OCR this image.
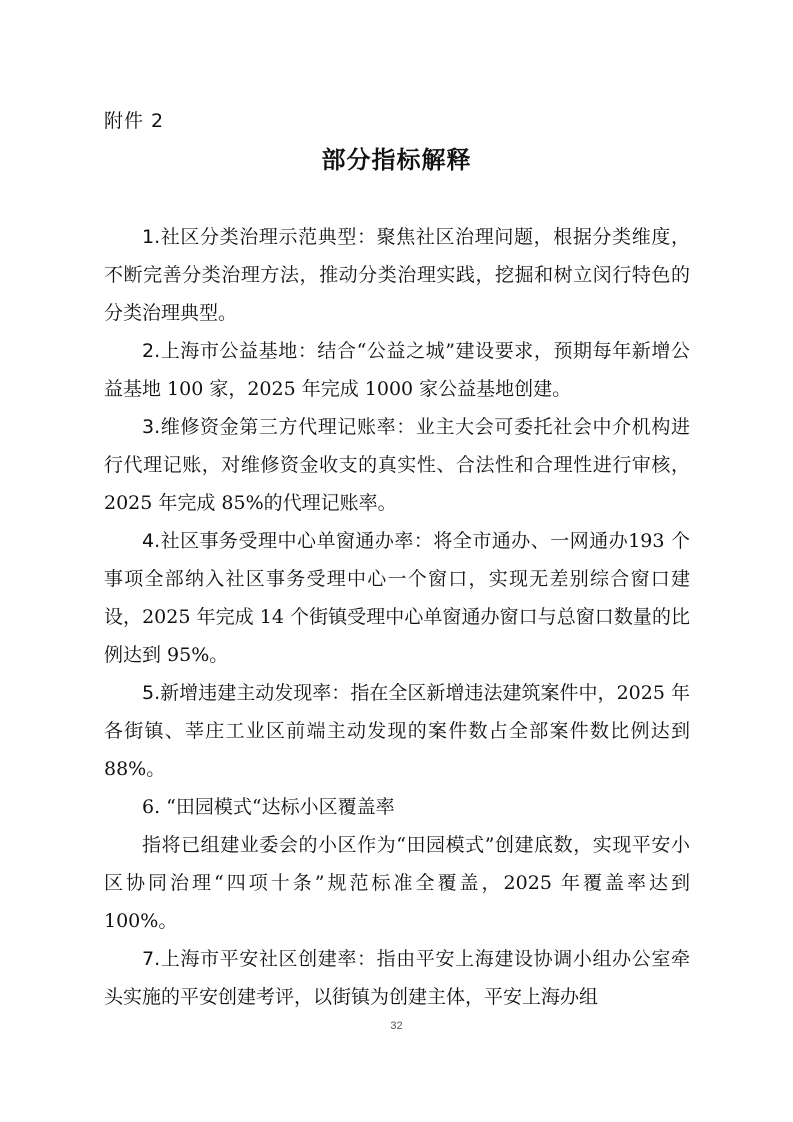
附件 2
部分指标解释

1.社区分类治理示范典型：聚焦社区治理问题，根据分类维度，不断完善分类治理方法，推动分类治理实践，挖掘和树立闵行特色的分类治理典型。

2.上海市公益基地：结合“公益之城”建设要求，预期每年新增公益基地 100 家，2025 年完成 1000 家公益基地创建。

3.维修资金第三方代理记账率：业主大会可委托社会中介机构进行代理记账，对维修资金收支的真实性、合法性和合理性进行审核，2025 年完成 85%的代理记账率。

4.社区事务受理中心单窗通办率：将全市通办、一网通办193 个事项全部纳入社区事务受理中心一个窗口，实现无差别综合窗口建设，2025 年完成 14 个街镇受理中心单窗通办窗口与总窗口数量的比例达到 95%。

5.新增违建主动发现率：指在全区新增违法建筑案件中，2025 年各街镇、莘庄工业区前端主动发现的案件数占全部案件数比例达到 88%。

6. “田园模式“达标小区覆盖率

指将已组建业委会的小区作为“田园模式”创建底数，实现平安小区协同治理“四项十条”规范标准全覆盖，2025 年覆盖率达到 100%。

7.上海市平安社区创建率：指由平安上海建设协调小组办公室牵头实施的平安创建考评，以街镇为创建主体，平安上海办组

32
